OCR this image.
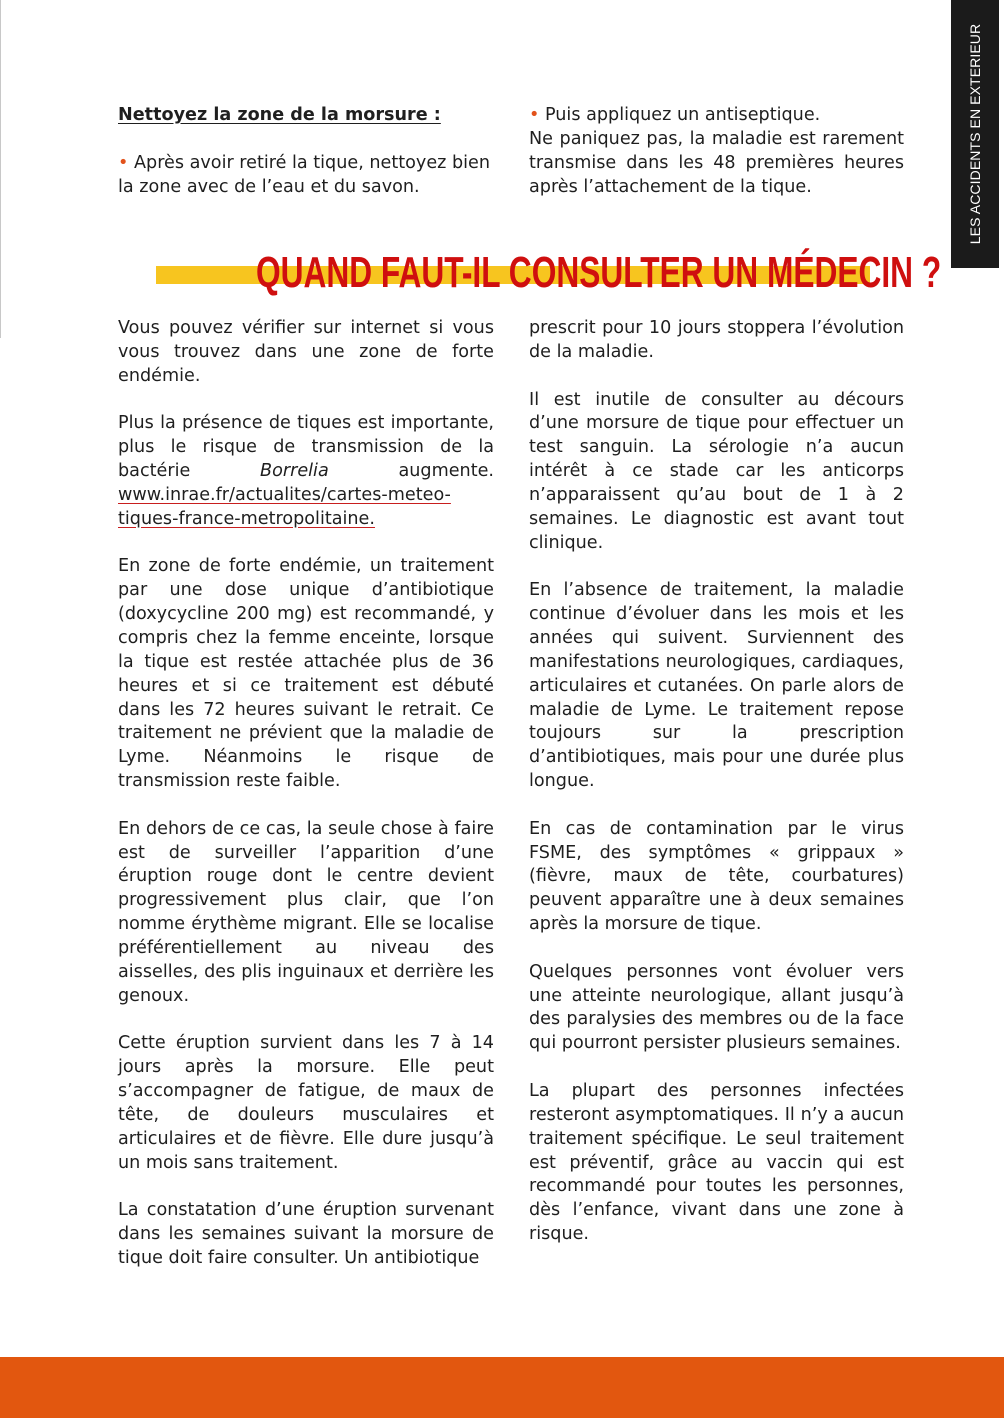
LES ACCIDENTS EN EXTERIEUR

Nettoyez la zone de la morsure :

• Après avoir retiré la tique, nettoyez bien la zone avec de l’eau et du savon.

• Puis appliquez un antiseptique.

Ne paniquez pas, la maladie est rarement transmise dans les 48 premières heures après l’attachement de la tique.

QUAND FAUT-IL CONSULTER UN MÉDECIN ?

Vous pouvez vérifier sur internet si vous vous trouvez dans une zone de forte endémie.

Plus la présence de tiques est importante, plus le risque de transmission de la bactérie Borrelia augmente. www.inrae.fr/actualites/cartes-meteo-tiques-france-metropolitaine.

En zone de forte endémie, un traitement par une dose unique d’antibiotique (doxycycline 200 mg) est recommandé, y compris chez la femme enceinte, lorsque la tique est restée attachée plus de 36 heures et si ce traitement est débuté dans les 72 heures suivant le retrait. Ce traitement ne prévient que la maladie de Lyme. Néanmoins le risque de transmission reste faible.

En dehors de ce cas, la seule chose à faire est de surveiller l’apparition d’une éruption rouge dont le centre devient progressivement plus clair, que l’on nomme érythème migrant. Elle se localise préférentiellement au niveau des aisselles, des plis inguinaux et derrière les genoux.

Cette éruption survient dans les 7 à 14 jours après la morsure. Elle peut s’accompagner de fatigue, de maux de tête, de douleurs musculaires et articulaires et de fièvre. Elle dure jusqu’à un mois sans traitement.

La constatation d’une éruption survenant dans les semaines suivant la morsure de tique doit faire consulter. Un antibiotique

prescrit pour 10 jours stoppera l’évolution de la maladie.

Il est inutile de consulter au décours d’une morsure de tique pour effectuer un test sanguin. La sérologie n’a aucun intérêt à ce stade car les anticorps n’apparaissent qu’au bout de 1 à 2 semaines. Le diagnostic est avant tout clinique.

En l’absence de traitement, la maladie continue d’évoluer dans les mois et les années qui suivent. Surviennent des manifestations neurologiques, cardiaques, articulaires et cutanées. On parle alors de maladie de Lyme. Le traitement repose toujours sur la prescription d’antibiotiques, mais pour une durée plus longue.

En cas de contamination par le virus FSME, des symptômes « grippaux » (fièvre, maux de tête, courbatures) peuvent apparaître une à deux semaines après la morsure de tique.

Quelques personnes vont évoluer vers une atteinte neurologique, allant jusqu’à des paralysies des membres ou de la face qui pourront persister plusieurs semaines.

La plupart des personnes infectées resteront asymptomatiques. Il n’y a aucun traitement spécifique. Le seul traitement est préventif, grâce au vaccin qui est recommandé pour toutes les personnes, dès l’enfance, vivant dans une zone à risque.

79
